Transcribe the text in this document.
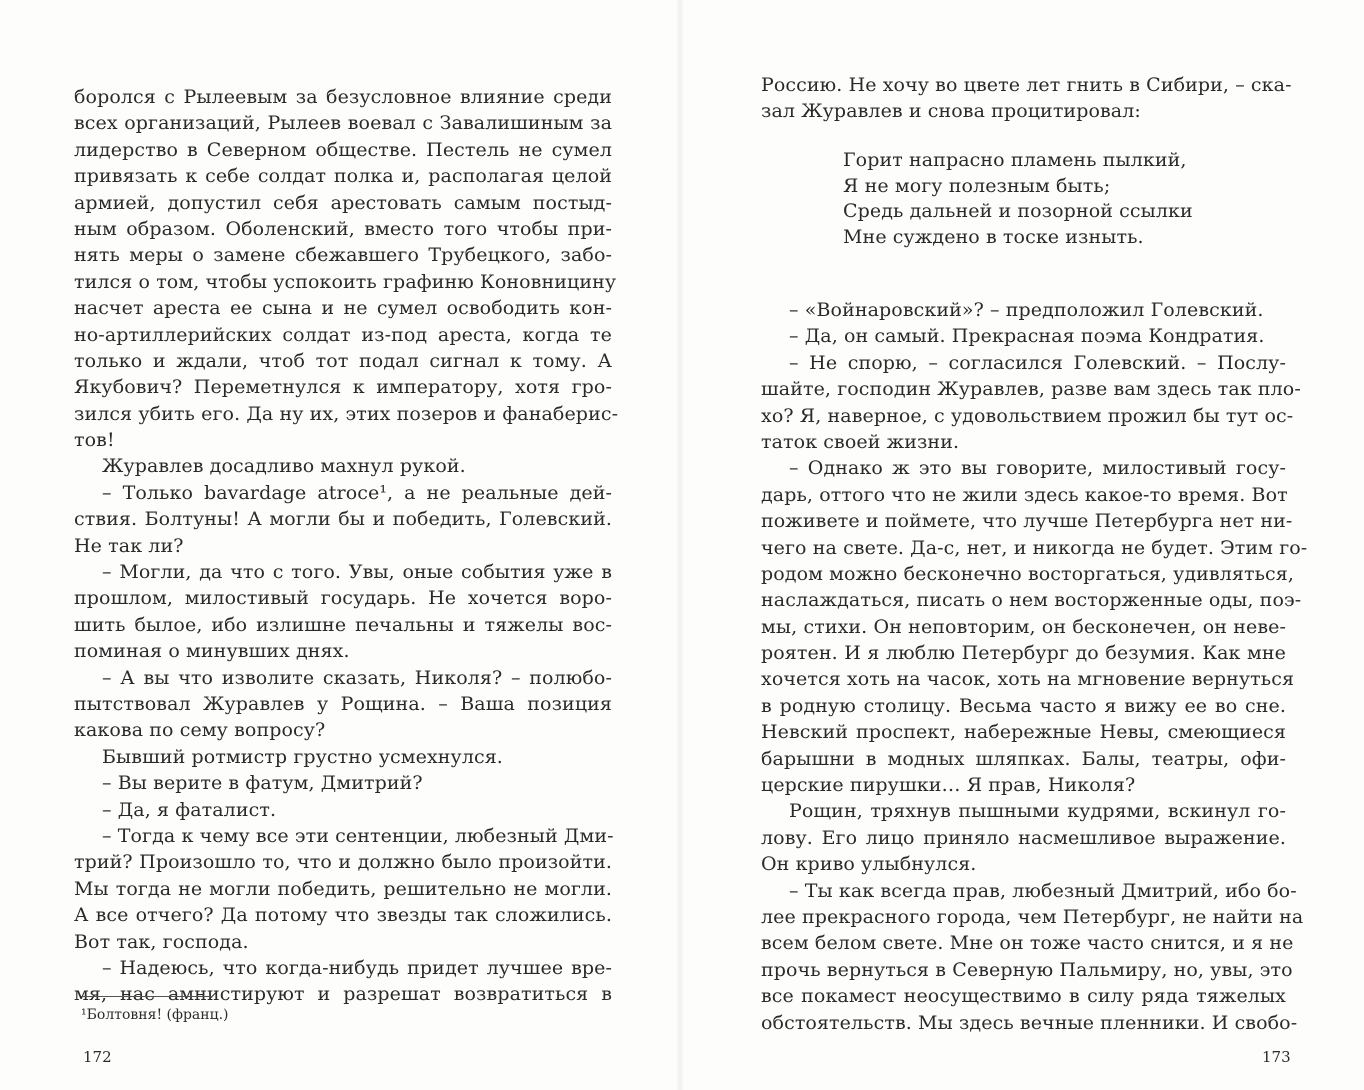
боролся с Рылеевым за безусловное влияние среди
всех организаций, Рылеев воевал с Завалишиным за
лидерство в Северном обществе. Пестель не сумел
привязать к себе солдат полка и, располагая целой
армией, допустил себя арестовать самым постыд-
ным образом. Оболенский, вместо того чтобы при-
нять меры о замене сбежавшего Трубецкого, забо-
тился о том, чтобы успокоить графиню Коновницину
насчет ареста ее сына и не сумел освободить кон-
но-артиллерийских солдат из-под ареста, когда те
только и ждали, чтоб тот подал сигнал к тому. А
Якубович? Переметнулся к императору, хотя гро-
зился убить его. Да ну их, этих позеров и фанаберис-
тов!
Журавлев досадливо махнул рукой.
– Только bavardage atroce¹, а не реальные дей-
ствия. Болтуны! А могли бы и победить, Голевский.
Не так ли?
– Могли, да что с того. Увы, оные события уже в
прошлом, милостивый государь. Не хочется воро-
шить былое, ибо излишне печальны и тяжелы вос-
поминая о минувших днях.
– А вы что изволите сказать, Николя? – полюбо-
пытствовал Журавлев у Рощина. – Ваша позиция
какова по сему вопросу?
Бывший ротмистр грустно усмехнулся.
– Вы верите в фатум, Дмитрий?
– Да, я фаталист.
– Тогда к чему все эти сентенции, любезный Дми-
трий? Произошло то, что и должно было произойти.
Мы тогда не могли победить, решительно не могли.
А все отчего? Да потому что звезды так сложились.
Вот так, господа.
– Надеюсь, что когда-нибудь придет лучшее вре-
мя, нас амнистируют и разрешат возвратиться в
¹Болтовня! (франц.)
172
Россию. Не хочу во цвете лет гнить в Сибири, – ска-
зал Журавлев и снова процитировал:
Горит напрасно пламень пылкий,
Я не могу полезным быть;
Средь дальней и позорной ссылки
Мне суждено в тоске изныть.
– «Войнаровский»? – предположил Голевский.
– Да, он самый. Прекрасная поэма Кондратия.
– Не спорю, – согласился Голевский. – Послу-
шайте, господин Журавлев, разве вам здесь так пло-
хо? Я, наверное, с удовольствием прожил бы тут ос-
таток своей жизни.
– Однако ж это вы говорите, милостивый госу-
дарь, оттого что не жили здесь какое-то время. Вот
поживете и поймете, что лучше Петербурга нет ни-
чего на свете. Да-с, нет, и никогда не будет. Этим го-
родом можно бесконечно восторгаться, удивляться,
наслаждаться, писать о нем восторженные оды, поэ-
мы, стихи. Он неповторим, он бесконечен, он неве-
роятен. И я люблю Петербург до безумия. Как мне
хочется хоть на часок, хоть на мгновение вернуться
в родную столицу. Весьма часто я вижу ее во сне.
Невский проспект, набережные Невы, смеющиеся
барышни в модных шляпках. Балы, театры, офи-
церские пирушки… Я прав, Николя?
Рощин, тряхнув пышными кудрями, вскинул го-
лову. Его лицо приняло насмешливое выражение.
Он криво улыбнулся.
– Ты как всегда прав, любезный Дмитрий, ибо бо-
лее прекрасного города, чем Петербург, не найти на
всем белом свете. Мне он тоже часто снится, и я не
прочь вернуться в Северную Пальмиру, но, увы, это
все покамест неосуществимо в силу ряда тяжелых
обстоятельств. Мы здесь вечные пленники. И свобо-
173
